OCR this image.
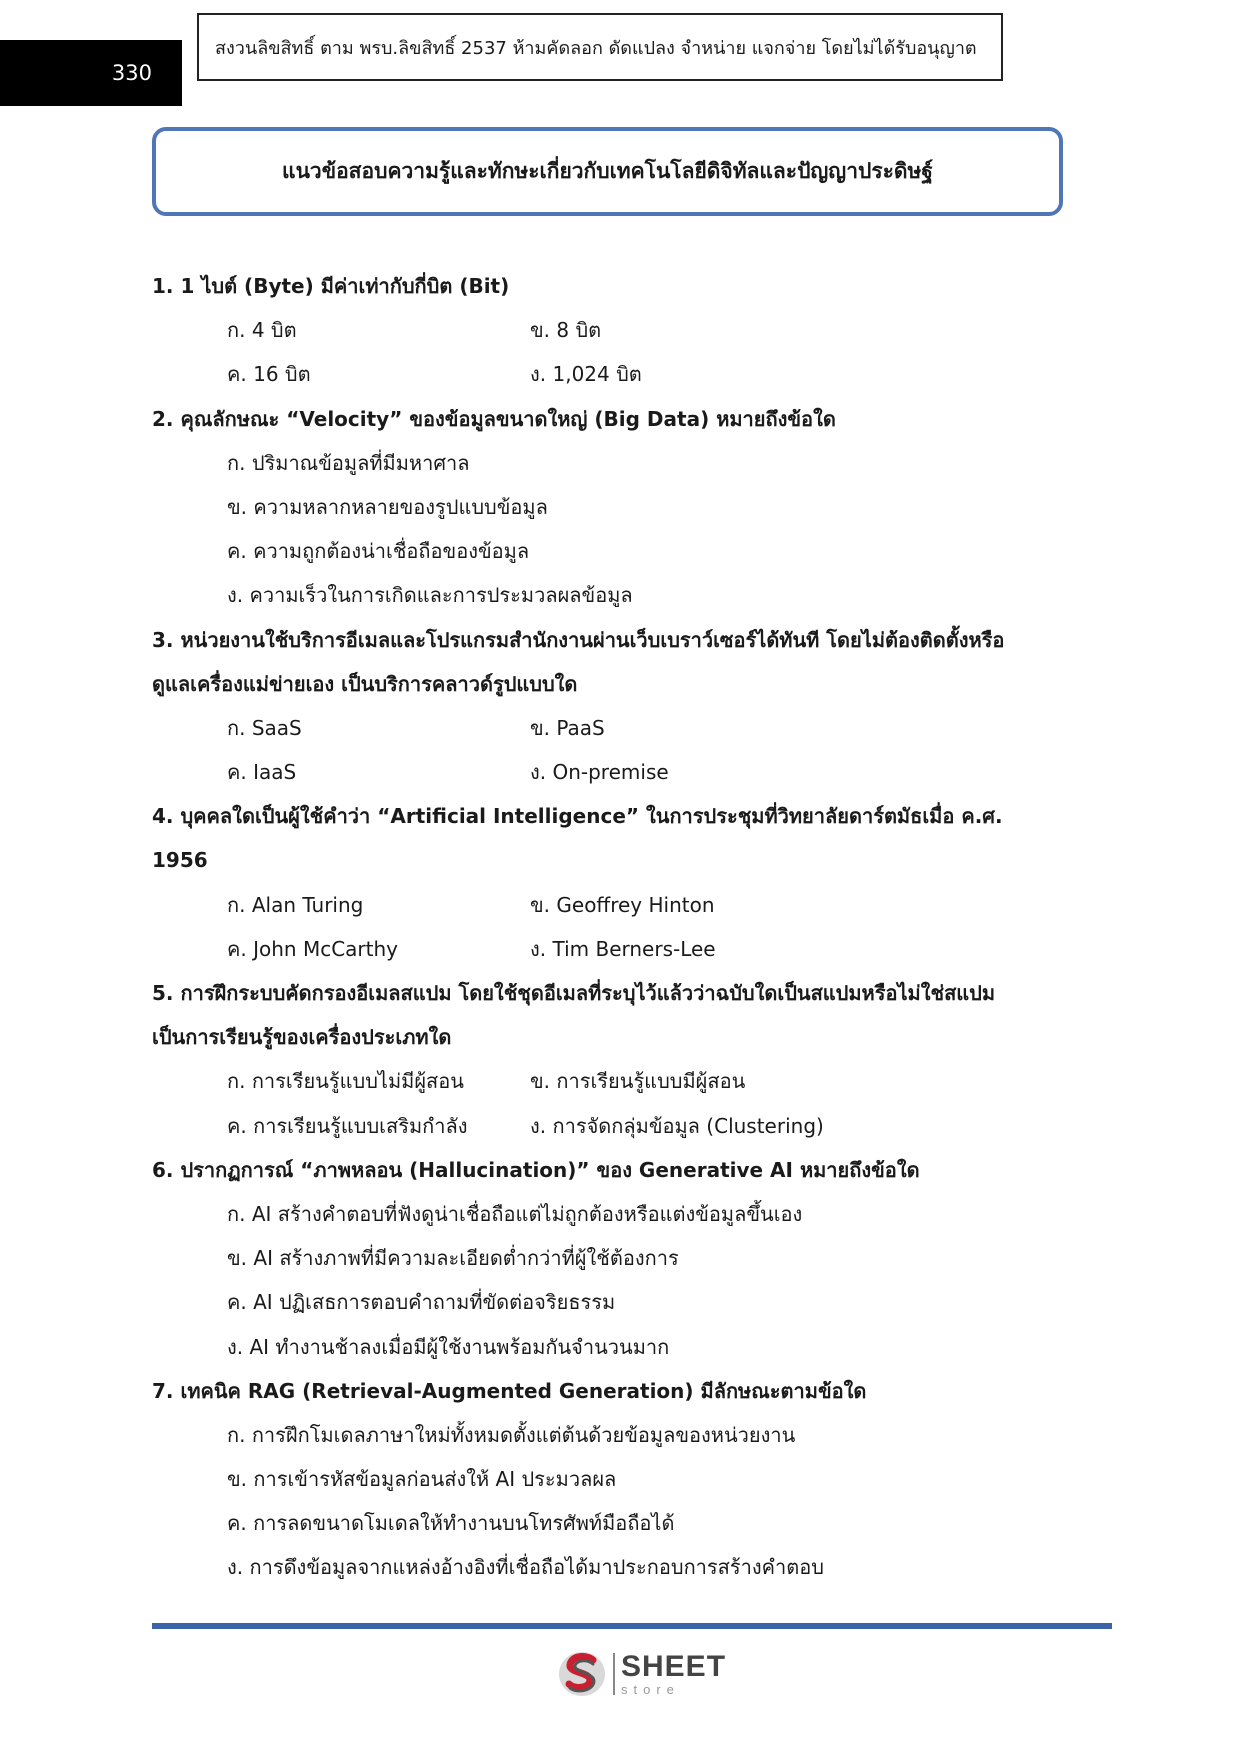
330
สงวนลิขสิทธิ์ ตาม พรบ.ลิขสิทธิ์ 2537 ห้ามคัดลอก ดัดแปลง จำหน่าย แจกจ่าย โดยไม่ได้รับอนุญาต
แนวข้อสอบความรู้และทักษะเกี่ยวกับเทคโนโลยีดิจิทัลและปัญญาประดิษฐ์
1. 1 ไบต์ (Byte) มีค่าเท่ากับกี่บิต (Bit)
ก. 4 บิต	ข. 8 บิต
ค. 16 บิต	ง. 1,024 บิต
2. คุณลักษณะ “Velocity” ของข้อมูลขนาดใหญ่ (Big Data) หมายถึงข้อใด
ก. ปริมาณข้อมูลที่มีมหาศาล
ข. ความหลากหลายของรูปแบบข้อมูล
ค. ความถูกต้องน่าเชื่อถือของข้อมูล
ง. ความเร็วในการเกิดและการประมวลผลข้อมูล
3. หน่วยงานใช้บริการอีเมลและโปรแกรมสำนักงานผ่านเว็บเบราว์เซอร์ได้ทันที โดยไม่ต้องติดตั้งหรือ
ดูแลเครื่องแม่ข่ายเอง เป็นบริการคลาวด์รูปแบบใด
ก. SaaS	ข. PaaS
ค. IaaS	ง. On-premise
4. บุคคลใดเป็นผู้ใช้คำว่า “Artificial Intelligence” ในการประชุมที่วิทยาลัยดาร์ตมัธเมื่อ ค.ศ.
1956
ก. Alan Turing	ข. Geoffrey Hinton
ค. John McCarthy	ง. Tim Berners-Lee
5. การฝึกระบบคัดกรองอีเมลสแปม โดยใช้ชุดอีเมลที่ระบุไว้แล้วว่าฉบับใดเป็นสแปมหรือไม่ใช่สแปม
เป็นการเรียนรู้ของเครื่องประเภทใด
ก. การเรียนรู้แบบไม่มีผู้สอน	ข. การเรียนรู้แบบมีผู้สอน
ค. การเรียนรู้แบบเสริมกำลัง	ง. การจัดกลุ่มข้อมูล (Clustering)
6. ปรากฏการณ์ “ภาพหลอน (Hallucination)” ของ Generative AI หมายถึงข้อใด
ก. AI สร้างคำตอบที่ฟังดูน่าเชื่อถือแต่ไม่ถูกต้องหรือแต่งข้อมูลขึ้นเอง
ข. AI สร้างภาพที่มีความละเอียดต่ำกว่าที่ผู้ใช้ต้องการ
ค. AI ปฏิเสธการตอบคำถามที่ขัดต่อจริยธรรม
ง. AI ทำงานช้าลงเมื่อมีผู้ใช้งานพร้อมกันจำนวนมาก
7. เทคนิค RAG (Retrieval-Augmented Generation) มีลักษณะตามข้อใด
ก. การฝึกโมเดลภาษาใหม่ทั้งหมดตั้งแต่ต้นด้วยข้อมูลของหน่วยงาน
ข. การเข้ารหัสข้อมูลก่อนส่งให้ AI ประมวลผล
ค. การลดขนาดโมเดลให้ทำงานบนโทรศัพท์มือถือได้
ง. การดึงข้อมูลจากแหล่งอ้างอิงที่เชื่อถือได้มาประกอบการสร้างคำตอบ
SHEET
store
